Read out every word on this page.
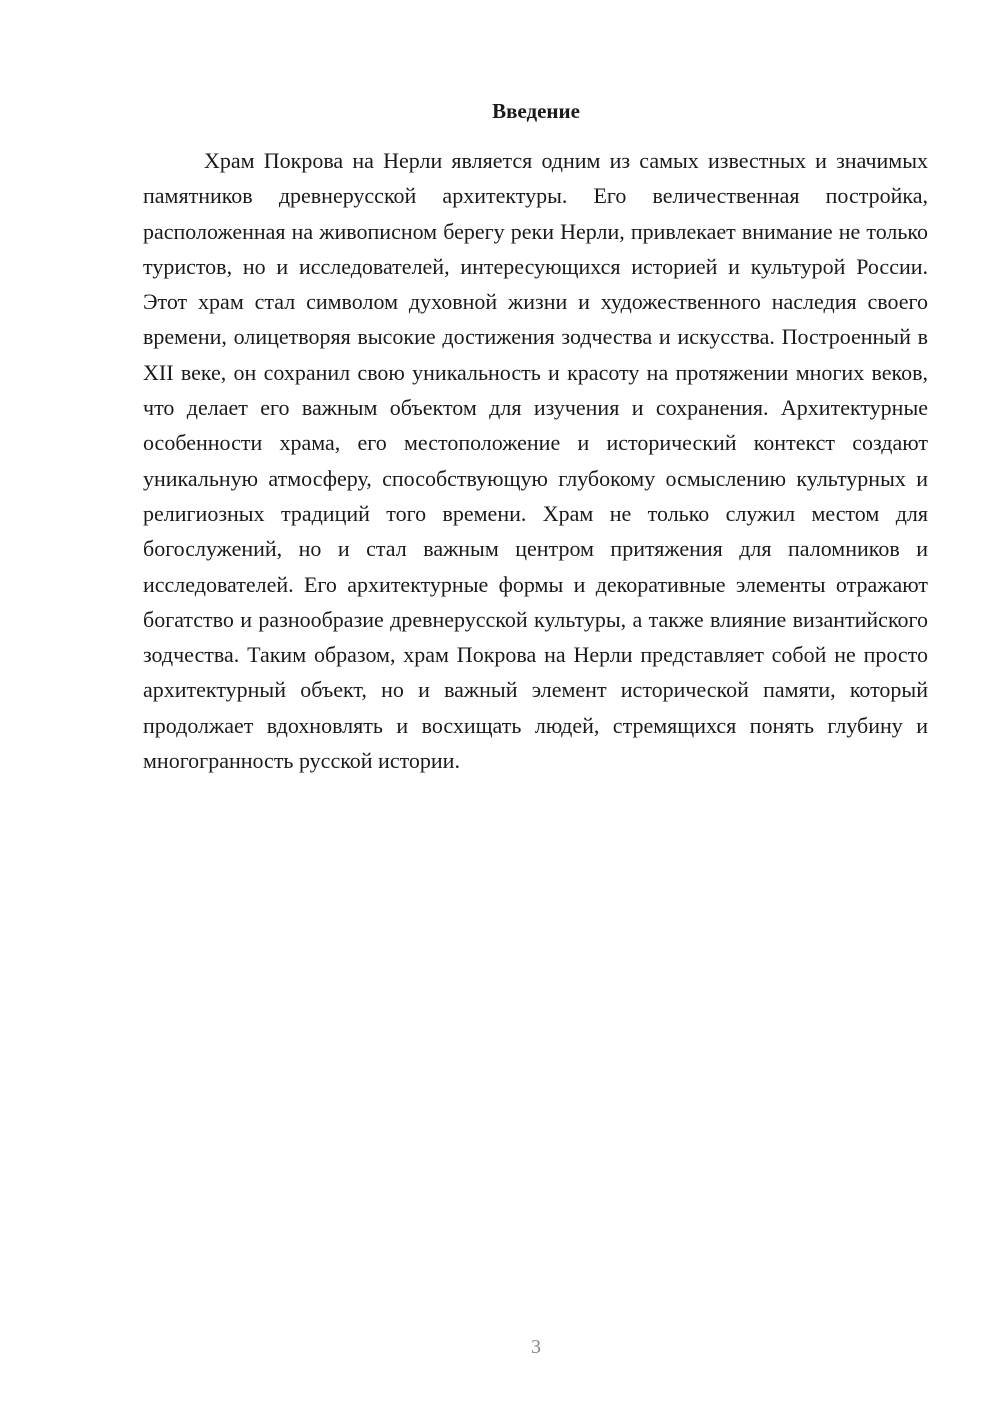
Введение

Храм Покрова на Нерли является одним из самых известных и значимых памятников древнерусской архитектуры. Его величественная постройка, расположенная на живописном берегу реки Нерли, привлекает внимание не только туристов, но и исследователей, интересующихся историей и культурой России. Этот храм стал символом духовной жизни и художественного наследия своего времени, олицетворяя высокие достижения зодчества и искусства. Построенный в XII веке, он сохранил свою уникальность и красоту на протяжении многих веков, что делает его важным объектом для изучения и сохранения. Архитектурные особенности храма, его местоположение и исторический контекст создают уникальную атмосферу, способствующую глубокому осмыслению культурных и религиозных традиций того времени. Храм не только служил местом для богослужений, но и стал важным центром притяжения для паломников и исследователей. Его архитектурные формы и декоративные элементы отражают богатство и разнообразие древнерусской культуры, а также влияние византийского зодчества. Таким образом, храм Покрова на Нерли представляет собой не просто архитектурный объект, но и важный элемент исторической памяти, который продолжает вдохновлять и восхищать людей, стремящихся понять глубину и многогранность русской истории.

3
